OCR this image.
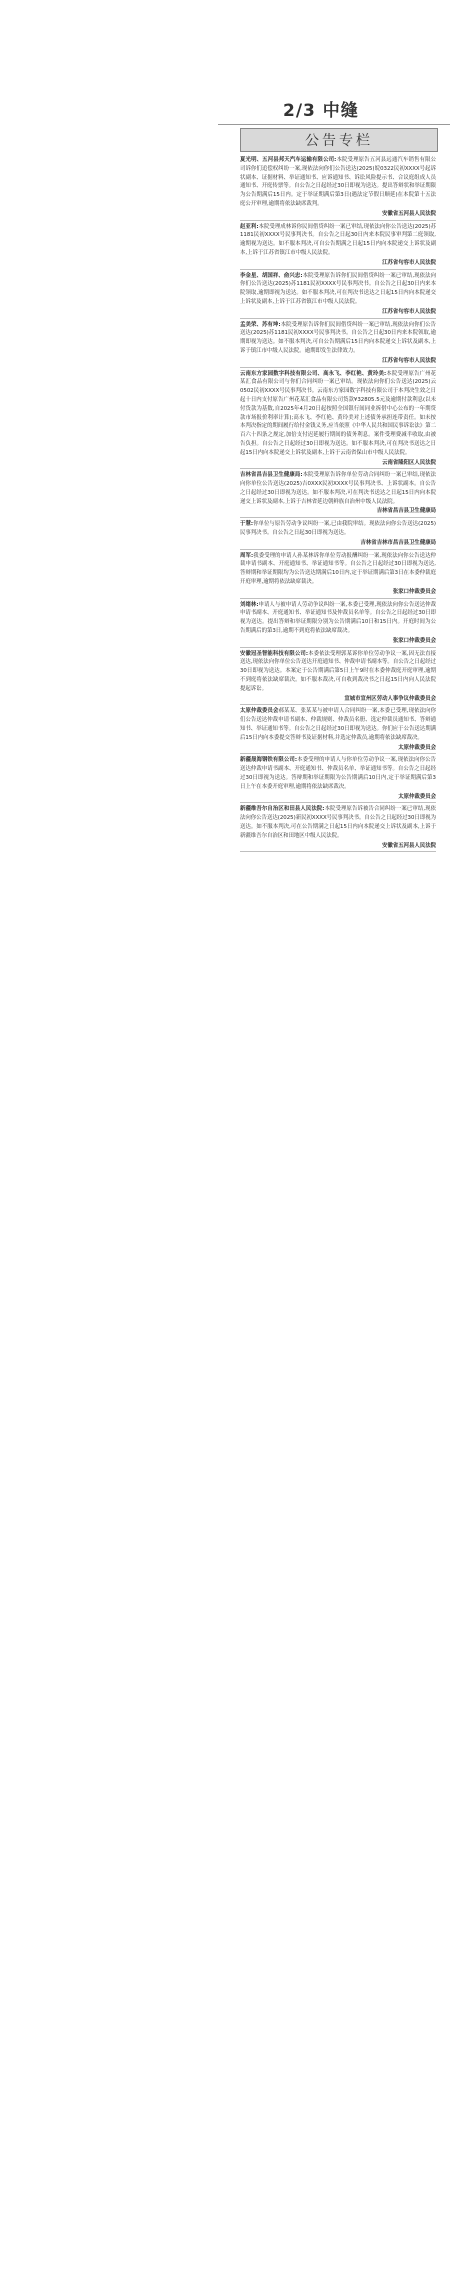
2/3 中缝
公告专栏

夏光明、五河县邦天汽车运输有限公司:本院受理原告五河县远通汽车销售有限公司诉你们追偿权纠纷一案,现依法向你们公告送达(2025)皖0322民初XXXX号起诉状副本、证据材料、举证通知书、应诉通知书、诉讼风险提示书、合议庭组成人员通知书、开庭传票等。自公告之日起经过30日即视为送达。提出答辩状和举证期限为公告期满后15日内。定于举证期满后第3日(遇法定节假日顺延)在本院第十五法庭公开审理,逾期将依法缺席裁判。

安徽省五河县人民法院

赵亚利:本院受理成林诉你民间借贷纠纷一案已审结,现依法向你公告送达(2025)苏1181民初XXXX号民事判决书。自公告之日起30日内来本院民事审判第二庭领取,逾期视为送达。如不服本判决,可自公告期满之日起15日内向本院递交上诉状及副本,上诉于江苏省镇江市中级人民法院。

江苏省句容市人民法院

李金星、胡国祥、俞兴忠:本院受理原告诉你们民间借贷纠纷一案已审结,现依法向你们公告送达(2025)苏1181民初XXXX号民事判决书。自公告之日起30日内来本院领取,逾期即视为送达。如不服本判决,可在判决书送达之日起15日内向本院递交上诉状及副本,上诉于江苏省镇江市中级人民法院。

江苏省句容市人民法院

孟美荣、苏有坤:本院受理原告诉你们民间借贷纠纷一案已审结,现依法向你们公告送达(2025)苏1181民初XXXX号民事判决书。自公告之日起30日内来本院领取,逾期即视为送达。如不服本判决,可自公告期满后15日内向本院递交上诉状及副本,上诉于镇江市中级人民法院。逾期即发生法律效力。

江苏省句容市人民法院

云南东方家园数字科技有限公司、高永飞、李红艳、黄玲美:本院受理原告广州花某汇食品有限公司与你们合同纠纷一案已审结。现依法向你们公告送达(2025)云0502民初XXXX号民事判决书。云南东方家园数字科技有限公司于本判决生效之日起十日内支付原告广州花某汇食品有限公司货款¥32805.5元及逾期付款利息(以未付货款为基数,自2025年4月20日起按照全国银行间同业拆借中心公布的一年期贷款市场报价利率计算);高永飞、李红艳、黄玲美对上述债务承担连带责任。如未按本判决指定的期间履行给付金钱义务,应当依照《中华人民共和国民事诉讼法》第二百六十四条之规定,加倍支付迟延履行期间的债务利息。案件受理费减半收取,由被告负担。自公告之日起经过30日即视为送达。如不服本判决,可在判决书送达之日起15日内向本院递交上诉状及副本,上诉于云南省保山市中级人民法院。

云南省隆阳区人民法院

吉林省昌吉县卫生健康局:本院受理原告诉你单位劳动合同纠纷一案已审结,现依法向你单位公告送达(2025)吉0XXX民初XXXX号民事判决书、上诉状副本。自公告之日起经过30日即视为送达。如不服本判决,可在判决书送达之日起15日内向本院递交上诉状及副本,上诉于吉林省延边朝鲜族自治州中级人民法院。

吉林省昌吉县卫生健康局

于慧:你单位与原告劳动争议纠纷一案,已由我院审结。现依法向你公告送达(2025)民事判决书。自公告之日起30日即视为送达。

吉林省吉林市昌吉县卫生健康局

周军:我委受理的申请人孙某林诉你单位劳动报酬纠纷一案,现依法向你公告送达仲裁申请书副本、开庭通知书、举证通知书等。自公告之日起经过30日即视为送达,答辩期和举证期限均为公告送达期满后10日内,定于举证期满后第3日在本委仲裁庭开庭审理,逾期将依法缺席裁决。

张家口仲裁委员会

刘绪林:申请人与被申请人劳动争议纠纷一案,本委已受理,现依法向你公告送达仲裁申请书副本、开庭通知书、举证通知书及仲裁员名单等。自公告之日起经过30日即视为送达。提出答辩和举证期限分别为公告期满后10日和15日内。开庭时间为公告期满后的第3日,逾期不到庭将依法缺席裁决。

张家口仲裁委员会

安徽冠圣智能科技有限公司:本委依法受理郭某诉你单位劳动争议一案,因无法直接送达,现依法向你单位公告送达开庭通知书、仲裁申请书副本等。自公告之日起经过30日即视为送达。本案定于公告期满后第5日上午9时在本委仲裁庭开庭审理,逾期不到庭将依法缺席裁决。如不服本裁决,可自收到裁决书之日起15日内向人民法院提起诉讼。

宣城市宣州区劳动人事争议仲裁委员会

太原仲裁委员会郝某某、张某某与被申请人合同纠纷一案,本委已受理,现依法向你们公告送达仲裁申请书副本、仲裁规则、仲裁员名册、选定仲裁员通知书、答辩通知书、举证通知书等。自公告之日起经过30日即视为送达。你们应于公告送达期满后15日内向本委提交答辩书及证据材料,并选定仲裁员,逾期将依法缺席裁决。

太原仲裁委员会

新疆晟海钢铁有限公司:本委受理的申请人与你单位劳动争议一案,现依法向你公告送达仲裁申请书副本、开庭通知书、仲裁员名单、举证通知书等。自公告之日起经过30日即视为送达。答辩期和举证期限为公告期满后10日内,定于举证期满后第3日上午在本委开庭审理,逾期将依法缺席裁决。

太原仲裁委员会

新疆维吾尔自治区和田县人民法院:本院受理原告诉被告合同纠纷一案已审结,现依法向你公告送达(2025)新民初XXXX号民事判决书。自公告之日起经过30日即视为送达。如不服本判决,可在公告期满之日起15日内向本院递交上诉状及副本,上诉于新疆维吾尔自治区和田地区中级人民法院。

安徽省五河县人民法院
